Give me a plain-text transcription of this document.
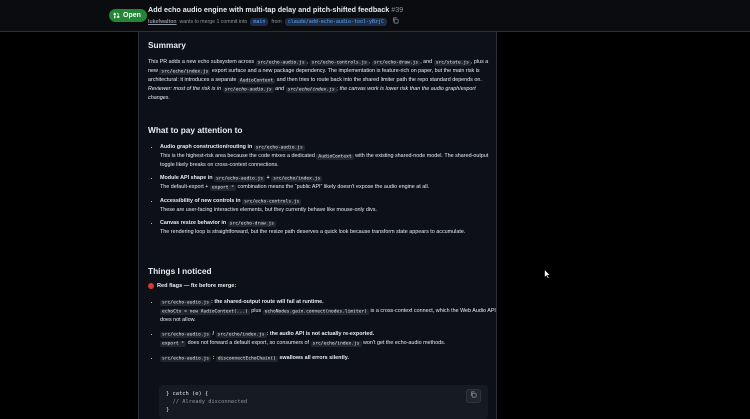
Open
Add echo audio engine with multi-tap delay and pitch-shifted feedback #39
lukefwalton wants to merge 1 commit into	main	from	claude/add-echo-audio-tool-yBzjC
Summary

This PR adds a new echo subsystem across src/echo-audio.js , src/echo-controls.js , src/echo-draw.js , and src/state.js , plus a new src/echo/index.js export surface and a new package dependency. The implementation is feature-rich on paper, but the main risk is architectural: it introduces a separate AudioContext and then tries to route back into the shared limiter path the repo standard depends on.
Reviewer: most of the risk is in src/echo-audio.js and src/echo/index.js ; the canvas work is lower risk than the audio graph/export changes.

What to pay attention to
• Audio graph construction/routing in src/echo-audio.js
This is the highest-risk area because the code mixes a dedicated AudioContext with the existing shared-node model. The shared-output toggle likely breaks on cross-context connections.
• Module API shape in src/echo-audio.js + src/echo/index.js
The default-export + export * combination means the “public API” likely doesn't expose the audio engine at all.
• Accessibility of new controls in src/echo-controls.js
These are user-facing interactive elements, but they currently behave like mouse-only divs.
• Canvas resize behavior in src/echo-draw.js
The rendering loop is straightforward, but the resize path deserves a quick look because transform state appears to accumulate.
Things I noticed
Red flags — fix before merge:
• src/echo-audio.js : the shared-output route will fail at runtime.
echoCtx = new AudioContext(...) plus echoNodes.gain.connect(nodes.limiter) is a cross-context connect, which the Web Audio API does not allow.
• src/echo-audio.js / src/echo/index.js : the audio API is not actually re-exported.
export * does not forward a default export, so consumers of src/echo/index.js won't get the echo-audio methods.
• src/echo-audio.js : disconnectEchoChain() swallows all errors silently.
} catch (e) {
// Already disconnected
}
